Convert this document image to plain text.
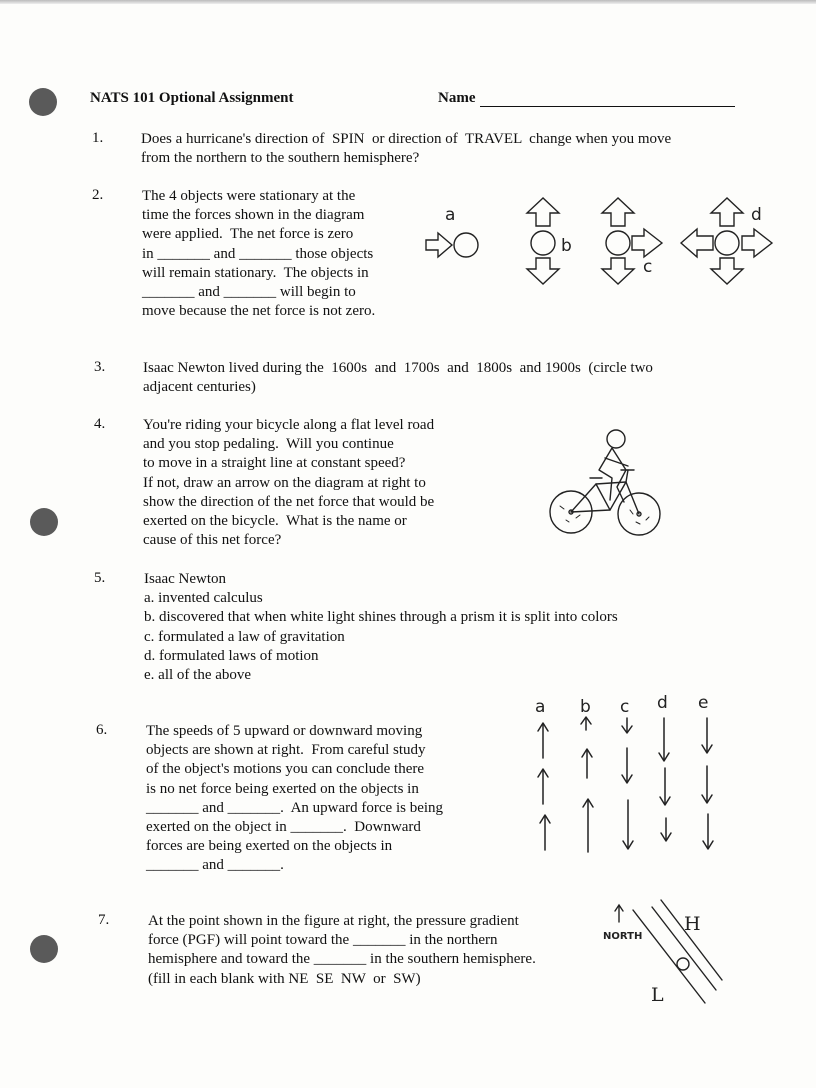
NATS 101 Optional Assignment	Name
1.	Does a hurricane's direction of  SPIN  or direction of  TRAVEL  change when you move
from the northern to the southern hemisphere?
2.	The 4 objects were stationary at the
time the forces shown in the diagram
were applied.  The net force is zero
in _______ and _______ those objects
will remain stationary.  The objects in
_______ and _______ will begin to
move because the net force is not zero.
a
b
c
d
3.	Isaac Newton lived during the  1600s  and  1700s  and  1800s  and 1900s  (circle two
adjacent centuries)
4.	You're riding your bicycle along a flat level road
and you stop pedaling.  Will you continue
to move in a straight line at constant speed?
If not, draw an arrow on the diagram at right to
show the direction of the net force that would be
exerted on the bicycle.  What is the name or
cause of this net force?
5.	Isaac Newton
a. invented calculus
b. discovered that when white light shines through a prism it is split into colors
c. formulated a law of gravitation
d. formulated laws of motion
e. all of the above
6.	The speeds of 5 upward or downward moving
objects are shown at right.  From careful study
of the object's motions you can conclude there
is no net force being exerted on the objects in
_______ and _______.  An upward force is being
exerted on the object in _______.  Downward
forces are being exerted on the objects in
_______ and _______.
a b c d e
7.	At the point shown in the figure at right, the pressure gradient
force (PGF) will point toward the _______ in the northern
hemisphere and toward the _______ in the southern hemisphere.
(fill in each blank with NE  SE  NW  or  SW)
NORTH
H
L
